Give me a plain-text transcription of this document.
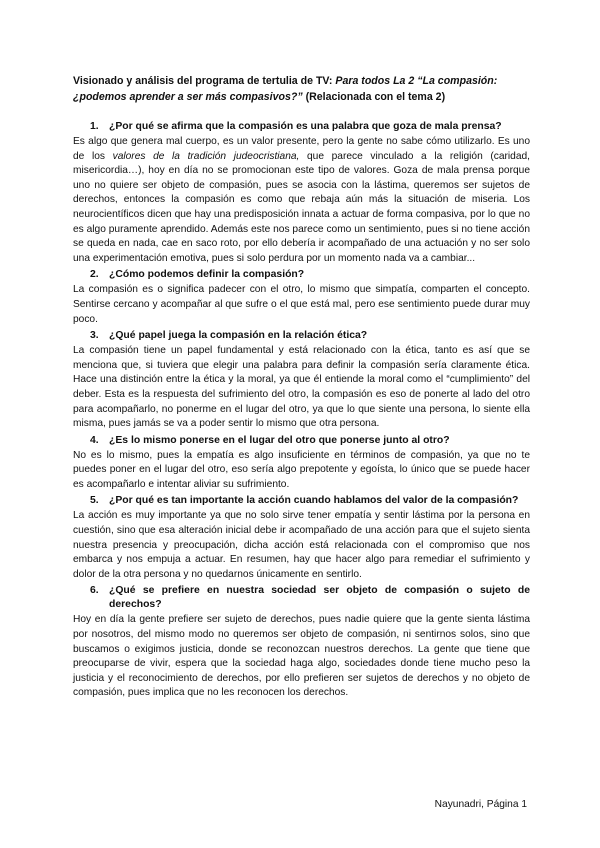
Visionado y análisis del programa de tertulia de TV: Para todos La 2 “La compasión: ¿podemos aprender a ser más compasivos?” (Relacionada con el tema 2)

1. ¿Por qué se afirma que la compasión es una palabra que goza de mala prensa?

Es algo que genera mal cuerpo, es un valor presente, pero la gente no sabe cómo utilizarlo. Es uno de los valores de la tradición judeocristiana, que parece vinculado a la religión (caridad, misericordia…), hoy en día no se promocionan este tipo de valores. Goza de mala prensa porque uno no quiere ser objeto de compasión, pues se asocia con la lástima, queremos ser sujetos de derechos, entonces la compasión es como que rebaja aún más la situación de miseria. Los neurocientíficos dicen que hay una predisposición innata a actuar de forma compasiva, por lo que no es algo puramente aprendido. Además este nos parece como un sentimiento, pues si no tiene acción se queda en nada, cae en saco roto, por ello debería ir acompañado de una actuación y no ser solo una experimentación emotiva, pues si solo perdura por un momento nada va a cambiar...

2. ¿Cómo podemos definir la compasión?

La compasión es o significa padecer con el otro, lo mismo que simpatía, comparten el concepto. Sentirse cercano y acompañar al que sufre o el que está mal, pero ese sentimiento puede durar muy poco.

3. ¿Qué papel juega la compasión en la relación ética?

La compasión tiene un papel fundamental y está relacionado con la ética, tanto es así que se menciona que, si tuviera que elegir una palabra para definir la compasión sería claramente ética. Hace una distinción entre la ética y la moral, ya que él entiende la moral como el “cumplimiento” del deber. Esta es la respuesta del sufrimiento del otro, la compasión es eso de ponerte al lado del otro para acompañarlo, no ponerme en el lugar del otro, ya que lo que siente una persona, lo siente ella misma, pues jamás se va a poder sentir lo mismo que otra persona.

4. ¿Es lo mismo ponerse en el lugar del otro que ponerse junto al otro?

No es lo mismo, pues la empatía es algo insuficiente en términos de compasión, ya que no te puedes poner en el lugar del otro, eso sería algo prepotente y egoísta, lo único que se puede hacer es acompañarlo e intentar aliviar su sufrimiento.

5. ¿Por qué es tan importante la acción cuando hablamos del valor de la compasión?

La acción es muy importante ya que no solo sirve tener empatía y sentir lástima por la persona en cuestión, sino que esa alteración inicial debe ir acompañado de una acción para que el sujeto sienta nuestra presencia y preocupación, dicha acción está relacionada con el compromiso que nos embarca y nos empuja a actuar. En resumen, hay que hacer algo para remediar el sufrimiento y dolor de la otra persona y no quedarnos únicamente en sentirlo.

6. ¿Qué se prefiere en nuestra sociedad ser objeto de compasión o sujeto de derechos?

Hoy en día la gente prefiere ser sujeto de derechos, pues nadie quiere que la gente sienta lástima por nosotros, del mismo modo no queremos ser objeto de compasión, ni sentirnos solos, sino que buscamos o exigimos justicia, donde se reconozcan nuestros derechos. La gente que tiene que preocuparse de vivir, espera que la sociedad haga algo, sociedades donde tiene mucho peso la justicia y el reconocimiento de derechos, por ello prefieren ser sujetos de derechos y no objeto de compasión, pues implica que no les reconocen los derechos.

Nayunadri, Página 1
